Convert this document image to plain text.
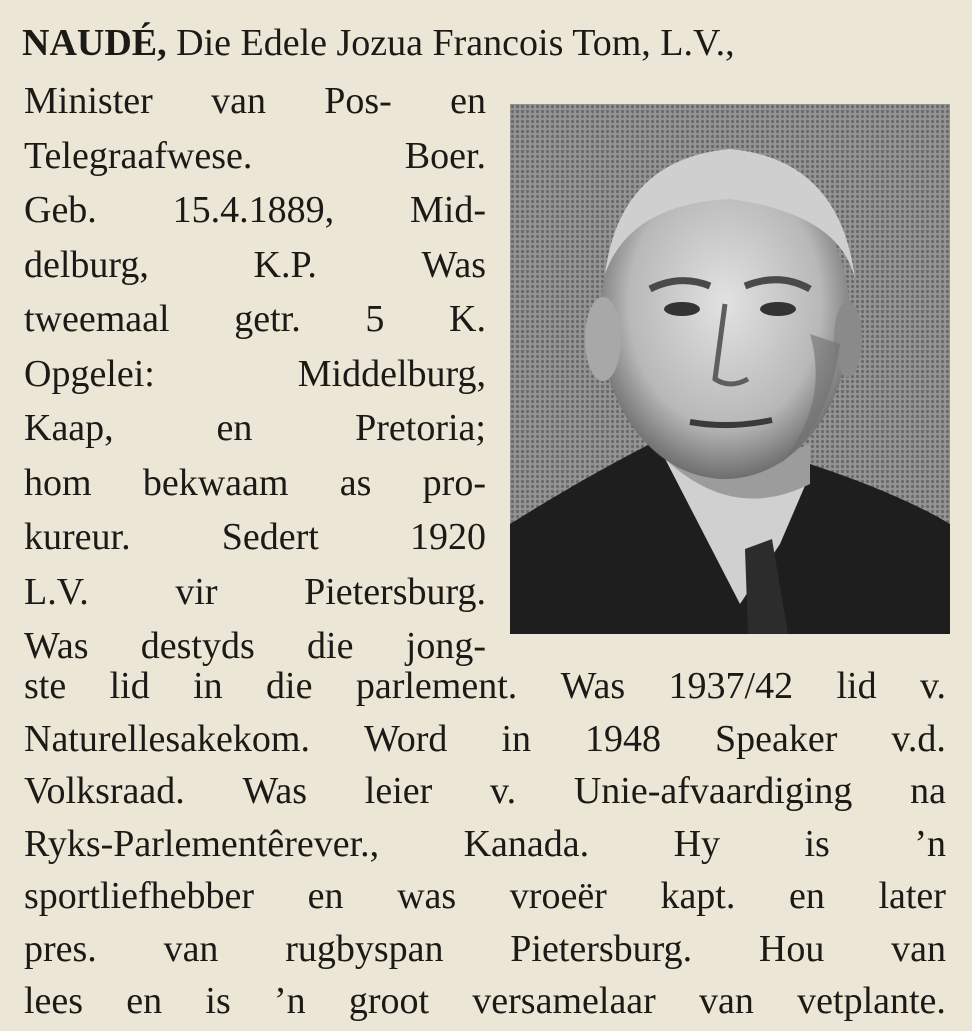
NAUDÉ, Die Edele Jozua Francois Tom, L.V.,
Minister van Pos- en
Telegraafwese.	Boer.
Geb. 15.4.1889, Mid-
delburg,	K.P.	Was
tweemaal getr. 5 K.
Opgelei:	Middelburg,
Kaap,	en	Pretoria;
hom bekwaam as pro-
kureur. Sedert 1920
L.V. vir Pietersburg.
Was destyds die jong-
ste lid in die parlement. Was 1937/42 lid v.
Naturellesakekom. Word in 1948 Speaker v.d.
Volksraad. Was leier v. Unie-afvaardiging na
Ryks-Parlementêrever., Kanada. Hy is ’n
sportliefhebber en was vroeër kapt. en later
pres. van rugbyspan Pietersburg. Hou van
lees en is ’n groot versamelaar van vetplante.
